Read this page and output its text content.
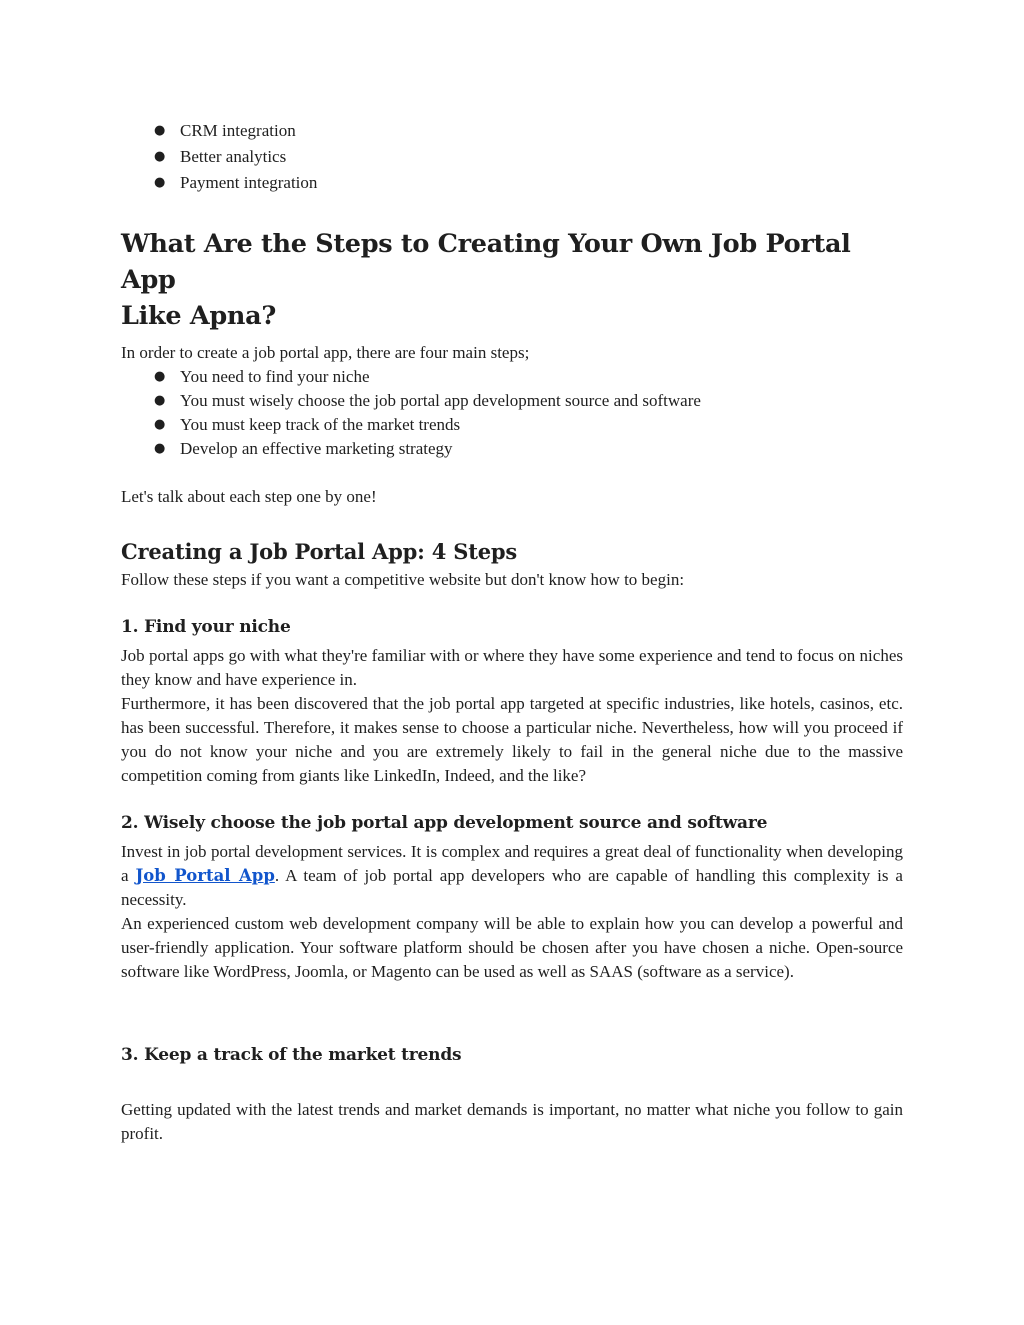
● CRM integration
● Better analytics
● Payment integration
What Are the Steps to Creating Your Own Job Portal App
Like Apna?

In order to create a job portal app, there are four main steps;

● You need to find your niche
● You must wisely choose the job portal app development source and software
● You must keep track of the market trends
● Develop an effective marketing strategy

Let's talk about each step one by one!

Creating a Job Portal App: 4 Steps

Follow these steps if you want a competitive website but don't know how to begin:

1. Find your niche

Job portal apps go with what they're familiar with or where they have some experience and tend to focus on niches they know and have experience in.

Furthermore, it has been discovered that the job portal app targeted at specific industries, like hotels, casinos, etc. has been successful. Therefore, it makes sense to choose a particular niche. Nevertheless, how will you proceed if you do not know your niche and you are extremely likely to fail in the general niche due to the massive competition coming from giants like LinkedIn, Indeed, and the like?

2. Wisely choose the job portal app development source and software

Invest in job portal development services. It is complex and requires a great deal of functionality when developing a Job Portal App. A team of job portal app developers who are capable of handling this complexity is a necessity.

An experienced custom web development company will be able to explain how you can develop a powerful and user-friendly application. Your software platform should be chosen after you have chosen a niche. Open-source software like WordPress, Joomla, or Magento can be used as well as SAAS (software as a service).

3. Keep a track of the market trends

Getting updated with the latest trends and market demands is important, no matter what niche you follow to gain profit.
